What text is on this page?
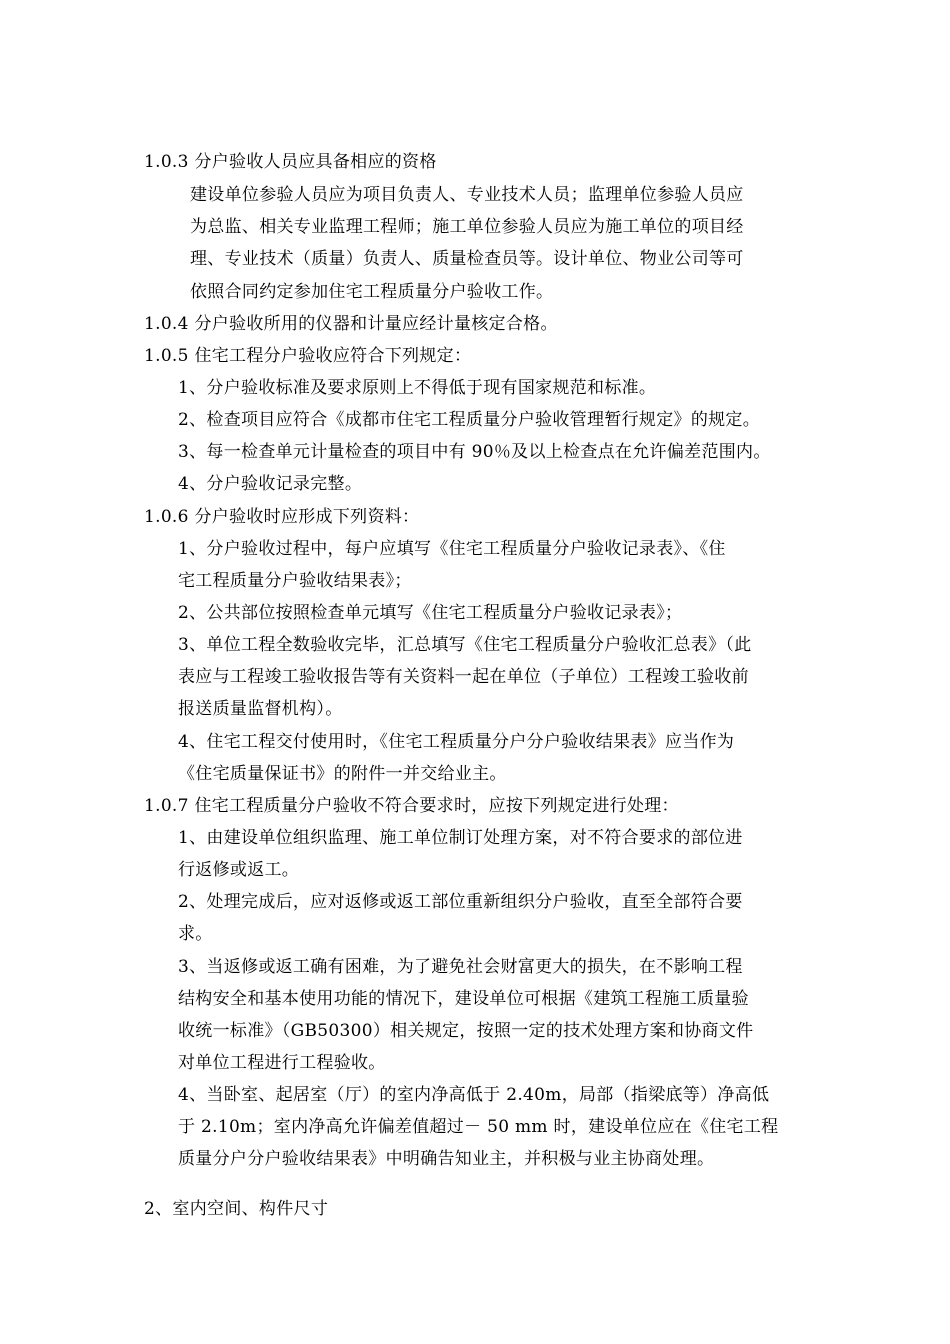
1.0.3 分户验收人员应具备相应的资格
建设单位参验人员应为项目负责人、专业技术人员；监理单位参验人员应
为总监、相关专业监理工程师；施工单位参验人员应为施工单位的项目经
理、专业技术（质量）负责人、质量检查员等。设计单位、物业公司等可
依照合同约定参加住宅工程质量分户验收工作。
1.0.4 分户验收所用的仪器和计量应经计量核定合格。
1.0.5 住宅工程分户验收应符合下列规定：
1、分户验收标准及要求原则上不得低于现有国家规范和标准。
2、检查项目应符合《成都市住宅工程质量分户验收管理暂行规定》的规定。
3、每一检查单元计量检查的项目中有 90％及以上检查点在允许偏差范围内。
4、分户验收记录完整。
1.0.6 分户验收时应形成下列资料：
1、分户验收过程中，每户应填写《住宅工程质量分户验收记录表》、《住
宅工程质量分户验收结果表》；
2、公共部位按照检查单元填写《住宅工程质量分户验收记录表》；
3、单位工程全数验收完毕，汇总填写《住宅工程质量分户验收汇总表》（此
表应与工程竣工验收报告等有关资料一起在单位（子单位）工程竣工验收前
报送质量监督机构）。
4、住宅工程交付使用时，《住宅工程质量分户分户验收结果表》应当作为
《住宅质量保证书》的附件一并交给业主。
1.0.7 住宅工程质量分户验收不符合要求时，应按下列规定进行处理：
1、由建设单位组织监理、施工单位制订处理方案，对不符合要求的部位进
行返修或返工。
2、处理完成后，应对返修或返工部位重新组织分户验收，直至全部符合要
求。
3、当返修或返工确有困难，为了避免社会财富更大的损失，在不影响工程
结构安全和基本使用功能的情况下，建设单位可根据《建筑工程施工质量验
收统一标准》（GB50300）相关规定，按照一定的技术处理方案和协商文件
对单位工程进行工程验收。
4、当卧室、起居室（厅）的室内净高低于 2.40m，局部（指梁底等）净高低
于 2.10m；室内净高允许偏差值超过－ 50 mm 时，建设单位应在《住宅工程
质量分户分户验收结果表》中明确告知业主，并积极与业主协商处理。
2、室内空间、构件尺寸
